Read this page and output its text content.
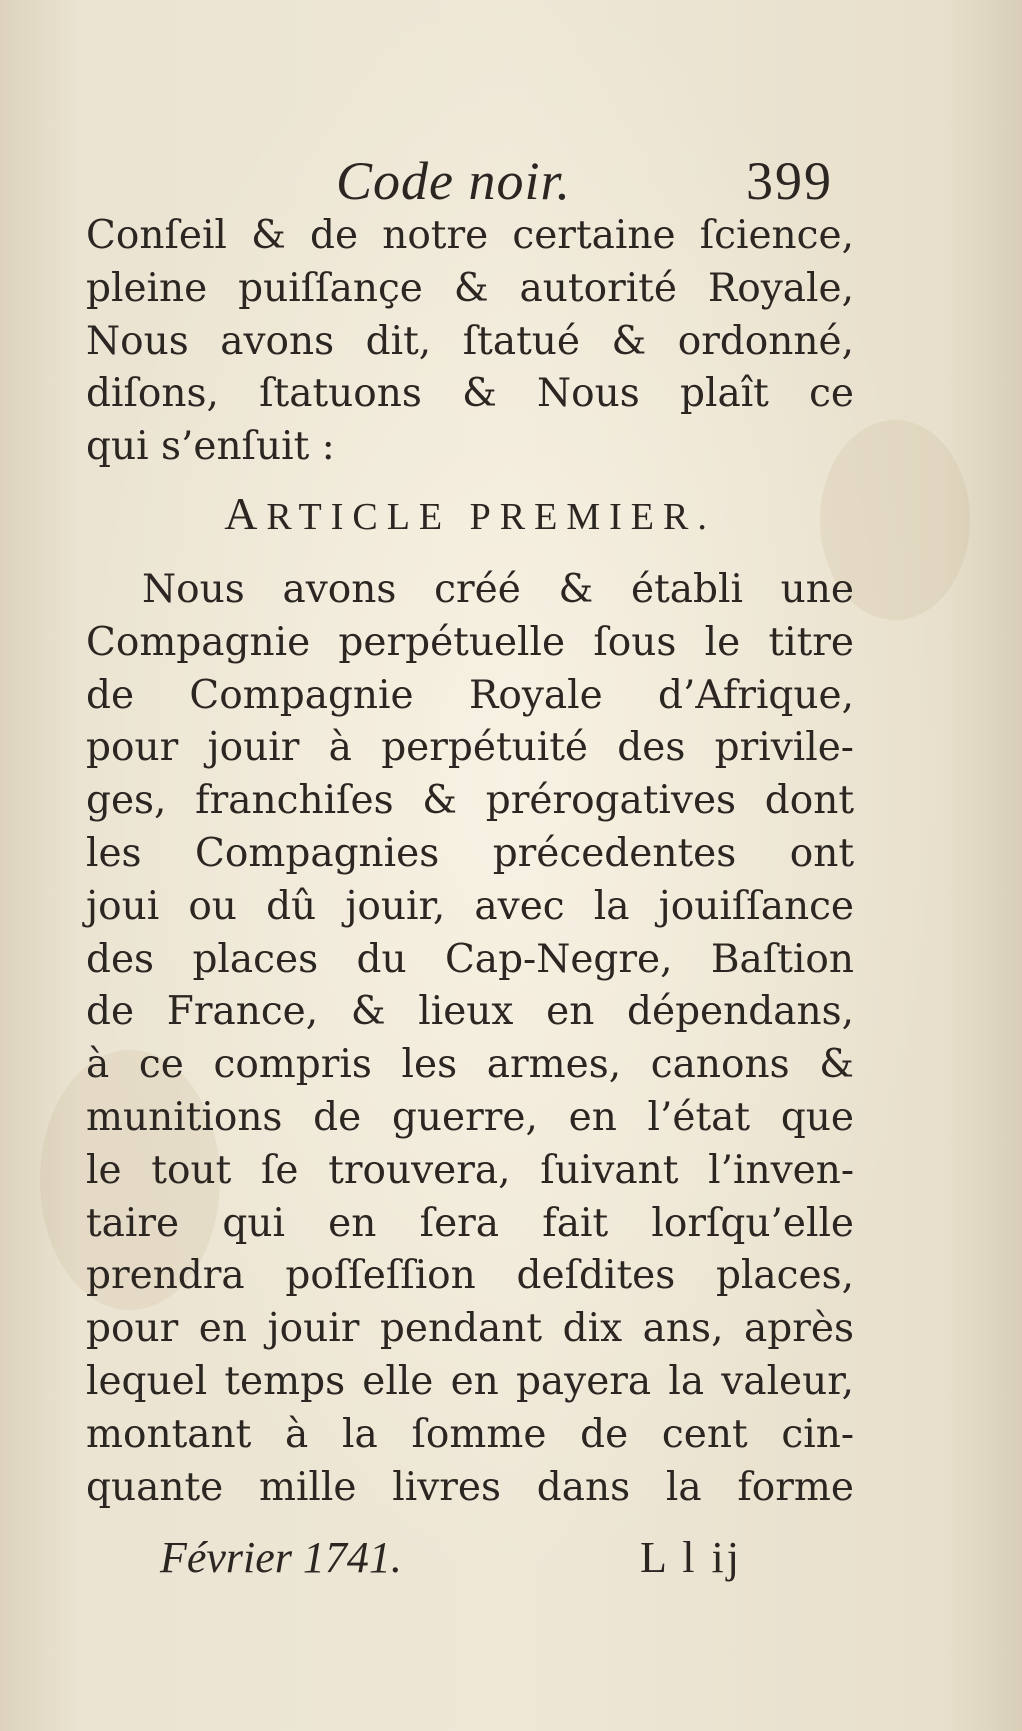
Code noir.	399
Conſeil & de notre certaine ſcience,
pleine puiſſançe & autorité Royale,
Nous avons dit, ſtatué & ordonné,
diſons, ſtatuons & Nous plaît ce
qui s’enſuit :
ARTICLE PREMIER.
Nous avons créé & établi une
Compagnie perpétuelle ſous le titre
de Compagnie Royale d’Afrique,
pour jouir à perpétuité des privile-
ges, franchiſes & prérogatives dont
les Compagnies précedentes ont
joui ou dû jouir, avec la jouiſſance
des places du Cap-Negre, Baſtion
de France, & lieux en dépendans,
à ce compris les armes, canons &
munitions de guerre, en l’état que
le tout ſe trouvera, ſuivant l’inven-
taire qui en ſera fait lorſqu’elle
prendra poſſeſſion deſdites places,
pour en jouir pendant dix ans, après
lequel temps elle en payera la valeur,
montant à la ſomme de cent cin-
quante mille livres dans la forme
Février 1741.	L l ij
